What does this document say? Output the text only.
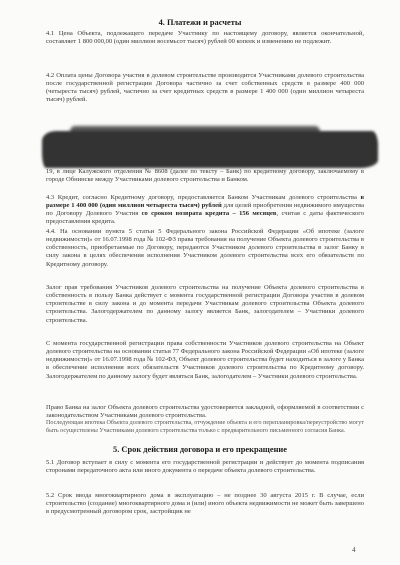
4. Платежи и расчеты
4.1 Цена Объекта, подлежащего передаче Участнику по настоящему договору, является окончательной, составляет 1 800 000,00 (один миллион восемьсот тысяч) рублей 00 копеек и изменению не подлежит.
4.2 Оплата цены Договора участия в долевом строительстве производится Участниками долевого строительства после государственной регистрации Договора частично за счет собственных средств в размере 400 000 (четыреста тысяч) рублей, частично за счет кредитных средств в размере 1 400 000 (один миллион четыреста тысяч) рублей.
19, в лице Калужского отделения № 8608 (далее по тексту – Банк) по кредитному договору, заключаемому в городе Обнинске между Участниками долевого строительства и Банком.
4.3 Кредит, согласно Кредитному договору, предоставляется Банком Участникам долевого строительства в размере 1 400 000 (один миллион четыреста тысяч) рублей для целей приобретения недвижимого имущества по Договору Долевого Участия со сроком возврата кредита – 156 месяцев, считая с даты фактического предоставления кредита.
4.4. На основании пункта 5 статьи 5 Федерального закона Российской Федерации «Об ипотеке (залоге недвижимости)» от 16.07.1998 года № 102-ФЗ права требования на получение Объекта долевого строительства в собственность, приобретаемые по Договору, передаются Участником долевого строительства в залог Банку в силу закона в целях обеспечения исполнения Участником долевого строительства всех его обязательств по Кредитному договору.
Залог прав требования Участников долевого строительства на получение Объекта долевого строительства в собственность в пользу Банка действует с момента государственной регистрации Договора участия в долевом строительстве в силу закона и до момента передачи Участникам долевого строительства Объекта долевого строительства. Залогодержателем по данному залогу является Банк, залогодателем – Участники долевого строительства.
С момента государственной регистрации права собственности Участников долевого строительства на Объект долевого строительства на основании статьи 77 Федерального закона Российской Федерации «Об ипотеке (залоге недвижимости)» от 16.07.1998 года № 102-ФЗ, Объект долевого строительства будет находиться в залоге у Банка в обеспечение исполнения всех обязательств Участников долевого строительства по Кредитному договору. Залогодержателем по данному залогу будет являться Банк, залогодателем – Участники долевого строительства.
Право Банка на залог Объекта долевого строительства удостоверяется закладной, оформляемой в соответствии с законодательством Участниками долевого строительства.
Последующая ипотека Объекта долевого строительства, отчуждение объекта и его перепланировка/переустройство могут быть осуществлены Участниками долевого строительства только с предварительного письменного согласия Банка.
5. Срок действия договора и его прекращение
5.1 Договор вступает в силу с момента его государственной регистрации и действует до момента подписания сторонами передаточного акта или иного документа о передаче объекта долевого строительства.
5.2 Срок ввода многоквартирного дома в эксплуатацию – не позднее 30 августа 2015 г. В случае, если строительство (создание) многоквартирного дома и (или) иного объекта недвижимости не может быть завершено в предусмотренный договором срок, застройщик не
4
